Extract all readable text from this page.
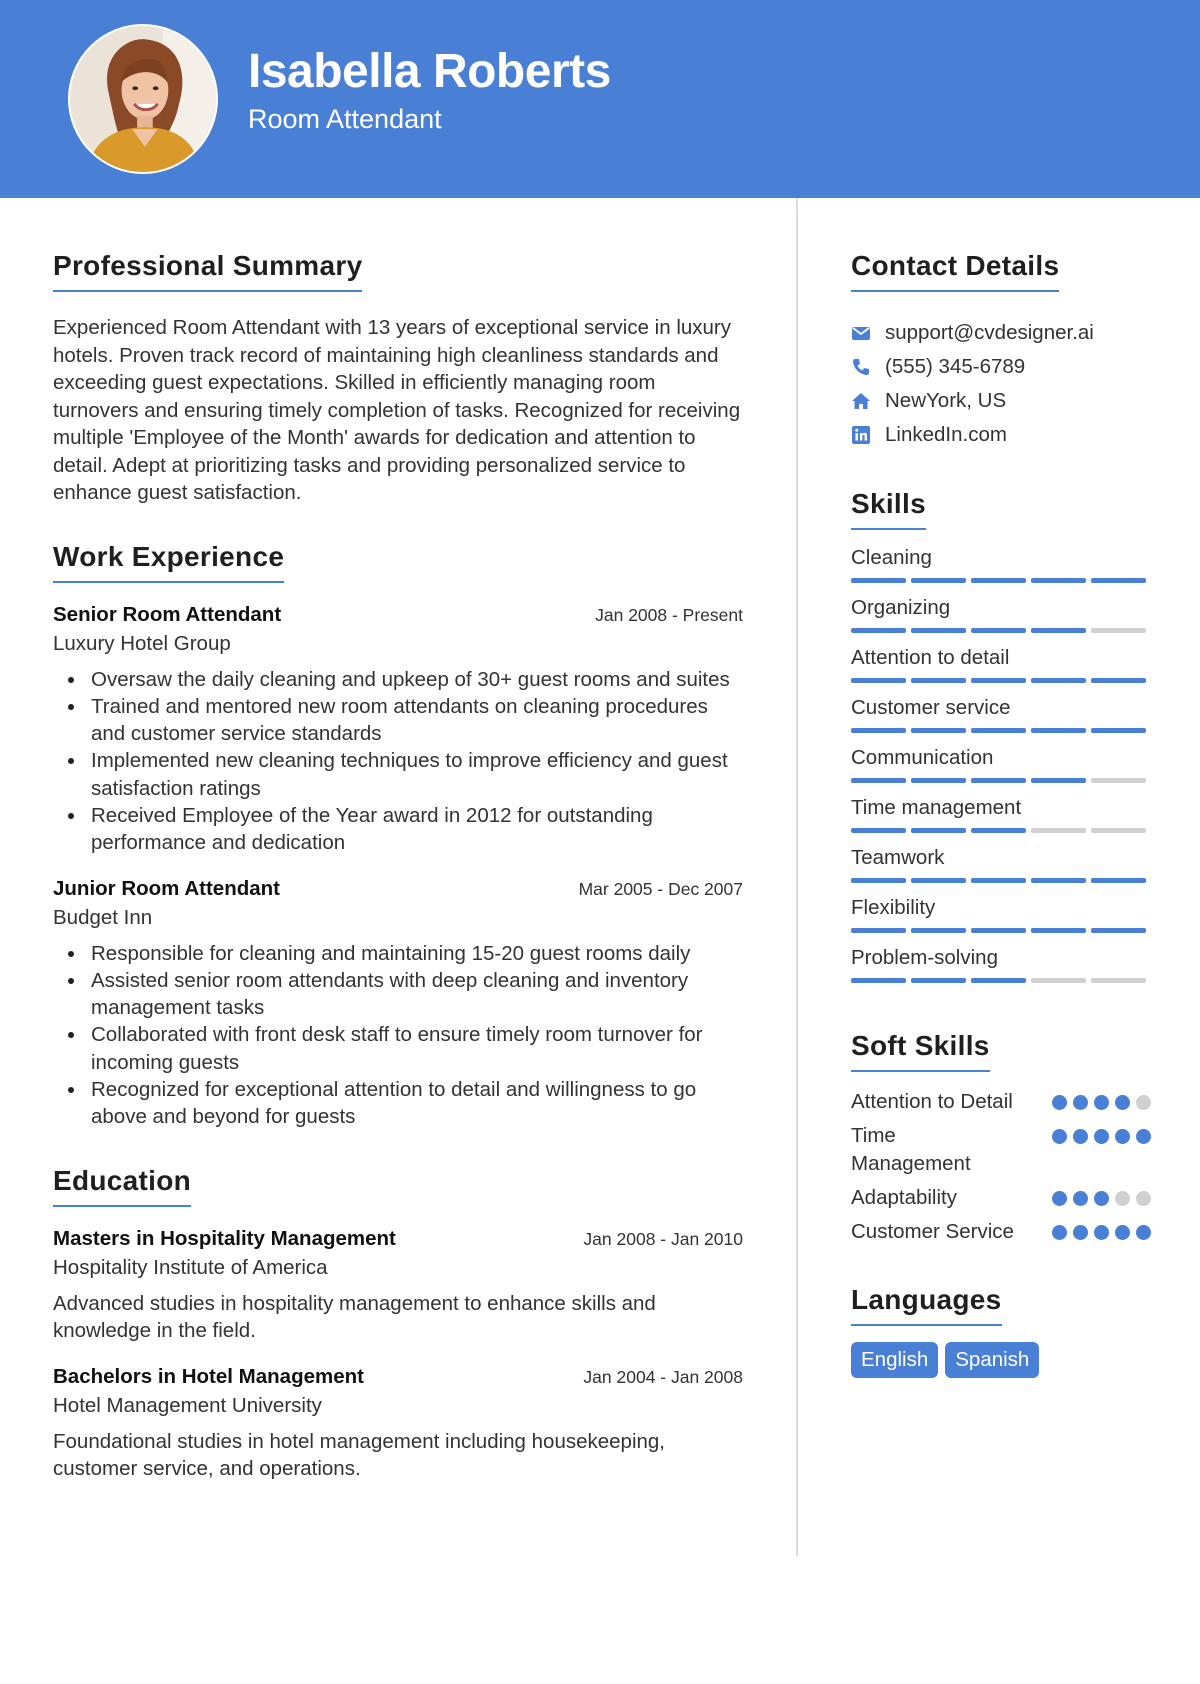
Isabella Roberts
Room Attendant
Professional Summary

Experienced Room Attendant with 13 years of exceptional service in luxury hotels. Proven track record of maintaining high cleanliness standards and exceeding guest expectations. Skilled in efficiently managing room turnovers and ensuring timely completion of tasks. Recognized for receiving multiple 'Employee of the Month' awards for dedication and attention to detail. Adept at prioritizing tasks and providing personalized service to enhance guest satisfaction.

Work Experience
Senior Room Attendant	Jan 2008 - Present
Luxury Hotel Group
Oversaw the daily cleaning and upkeep of 30+ guest rooms and suites
Trained and mentored new room attendants on cleaning procedures and customer service standards
Implemented new cleaning techniques to improve efficiency and guest satisfaction ratings
Received Employee of the Year award in 2012 for outstanding performance and dedication
Junior Room Attendant	Mar 2005 - Dec 2007
Budget Inn
Responsible for cleaning and maintaining 15-20 guest rooms daily
Assisted senior room attendants with deep cleaning and inventory management tasks
Collaborated with front desk staff to ensure timely room turnover for incoming guests
Recognized for exceptional attention to detail and willingness to go above and beyond for guests
Education
Masters in Hospitality Management	Jan 2008 - Jan 2010
Hospitality Institute of America

Advanced studies in hospitality management to enhance skills and knowledge in the field.

Bachelors in Hotel Management	Jan 2004 - Jan 2008
Hotel Management University

Foundational studies in hotel management including housekeeping, customer service, and operations.

Contact Details
support@cvdesigner.ai
(555) 345-6789
NewYork, US
LinkedIn.com
Skills
Cleaning
Organizing
Attention to detail
Customer service
Communication
Time management
Teamwork
Flexibility
Problem-solving
Soft Skills
Attention to Detail
Time Management
Adaptability
Customer Service
Languages
English	Spanish
